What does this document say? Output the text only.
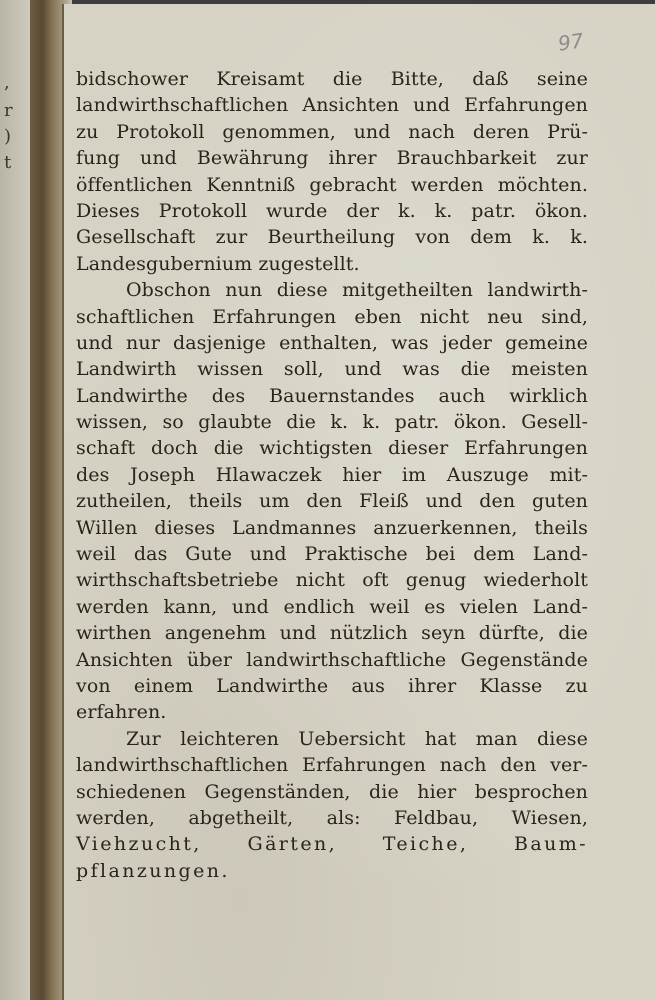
,
r
)
t
97
bidschower Kreisamt die Bitte, daß seine
landwirthschaftlichen Ansichten und Erfahrungen
zu Protokoll genommen, und nach deren Prü-
fung und Bewährung ihrer Brauchbarkeit zur
öffentlichen Kenntniß gebracht werden möchten.
Dieses Protokoll wurde der k. k. patr. ökon.
Gesellschaft zur Beurtheilung von dem k. k.
Landesgubernium zugestellt.
Obschon nun diese mitgetheilten landwirth-
schaftlichen Erfahrungen eben nicht neu sind,
und nur dasjenige enthalten, was jeder gemeine
Landwirth wissen soll, und was die meisten
Landwirthe des Bauernstandes auch wirklich
wissen, so glaubte die k. k. patr. ökon. Gesell-
schaft doch die wichtigsten dieser Erfahrungen
des Joseph Hlawaczek hier im Auszuge mit-
zutheilen, theils um den Fleiß und den guten
Willen dieses Landmannes anzuerkennen, theils
weil das Gute und Praktische bei dem Land-
wirthschaftsbetriebe nicht oft genug wiederholt
werden kann, und endlich weil es vielen Land-
wirthen angenehm und nützlich seyn dürfte, die
Ansichten über landwirthschaftliche Gegenstände
von einem Landwirthe aus ihrer Klasse zu
erfahren.
Zur leichteren Uebersicht hat man diese
landwirthschaftlichen Erfahrungen nach den ver-
schiedenen Gegenständen, die hier besprochen
werden, abgetheilt, als: Feldbau, Wiesen,
Viehzucht, Gärten, Teiche, Baum-
pflanzungen.
